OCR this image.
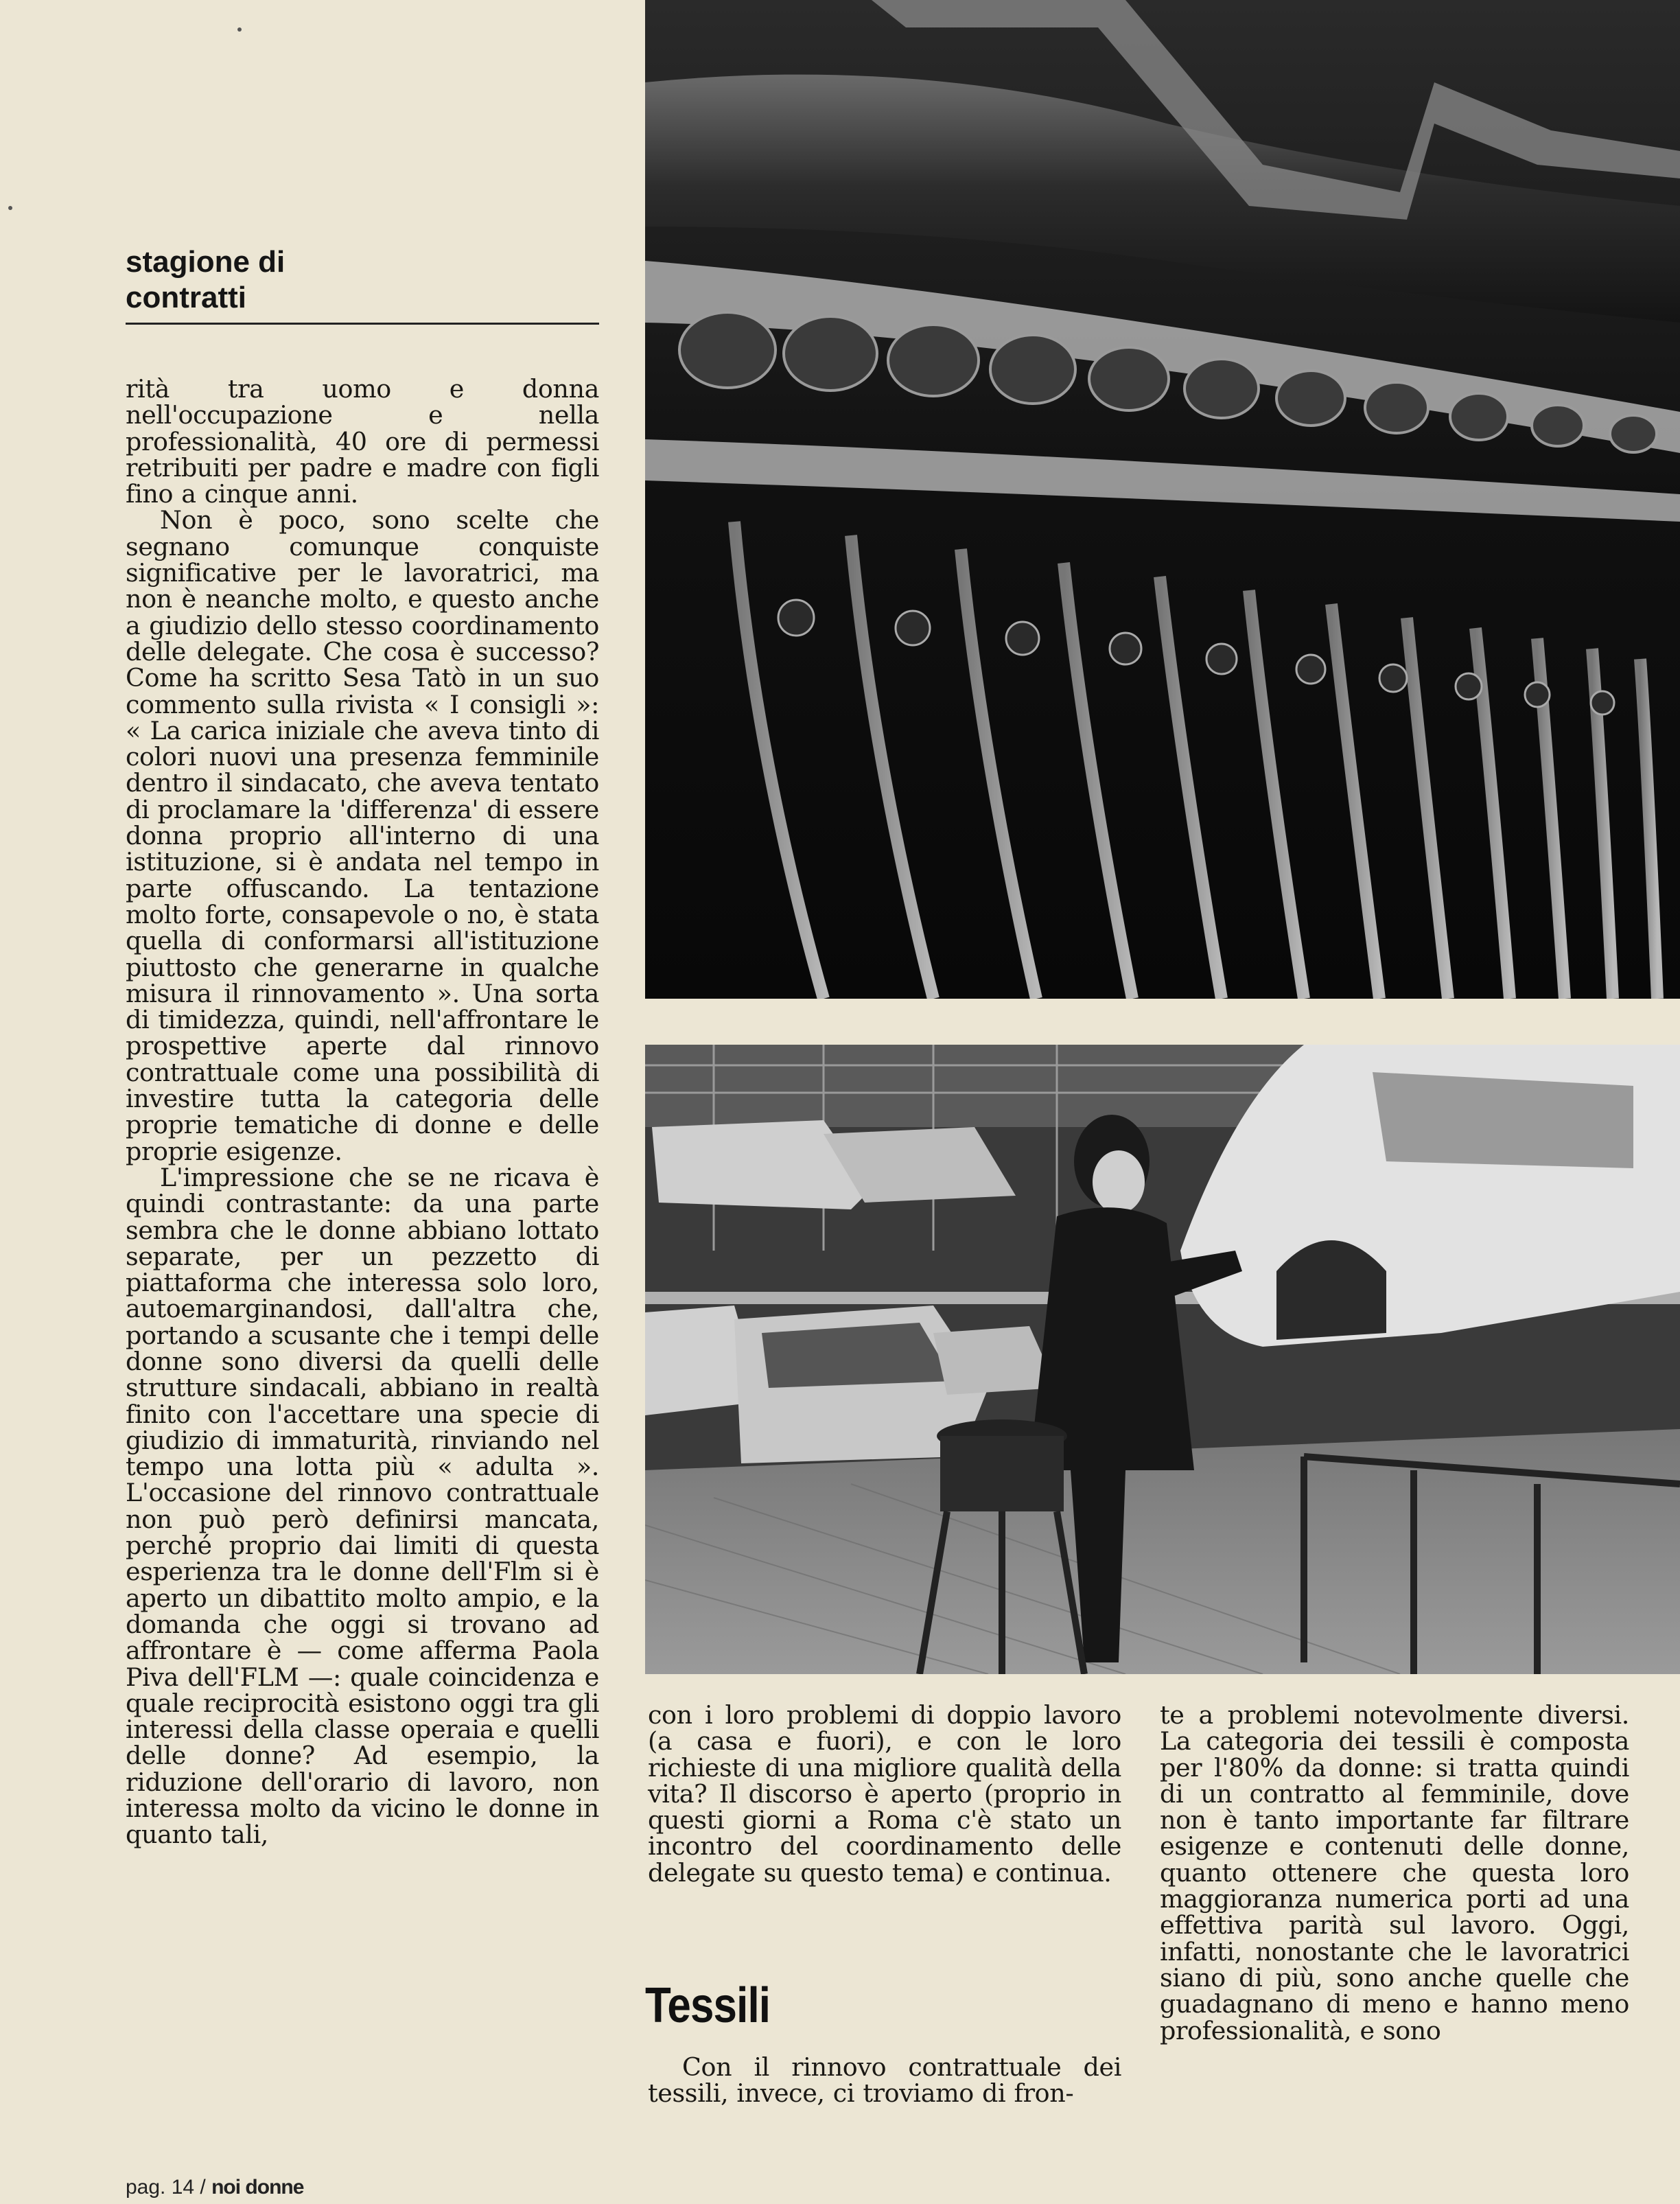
stagione di
contratti

rità tra uomo e donna nell'occupazione e nella professionalità, 40 ore di permessi retribuiti per padre e madre con figli fino a cinque anni.

Non è poco, sono scelte che segnano comunque conquiste significative per le lavoratrici, ma non è neanche molto, e questo anche a giudizio dello stesso coordinamento delle delegate. Che cosa è successo? Come ha scritto Sesa Tatò in un suo commento sulla rivista « I consigli »: « La carica iniziale che aveva tinto di colori nuovi una presenza femminile dentro il sindacato, che aveva tentato di proclamare la 'differenza' di essere donna proprio all'interno di una istituzione, si è andata nel tempo in parte offuscando. La tentazione molto forte, consapevole o no, è stata quella di conformarsi all'istituzione piuttosto che generarne in qualche misura il rinnovamento ». Una sorta di timidezza, quindi, nell'affrontare le prospettive aperte dal rinnovo contrattuale come una possibilità di investire tutta la categoria delle proprie tematiche di donne e delle proprie esigenze.

L'impressione che se ne ricava è quindi contrastante: da una parte sembra che le donne abbiano lottato separate, per un pezzetto di piattaforma che interessa solo loro, autoemarginandosi, dall'altra che, portando a scusante che i tempi delle donne sono diversi da quelli delle strutture sindacali, abbiano in realtà finito con l'accettare una specie di giudizio di immaturità, rinviando nel tempo una lotta più « adulta ». L'occasione del rinnovo contrattuale non può però definirsi mancata, perché proprio dai limiti di questa esperienza tra le donne dell'Flm si è aperto un dibattito molto ampio, e la domanda che oggi si trovano ad affrontare è — come afferma Paola Piva dell'FLM —: quale coincidenza e quale reciprocità esistono oggi tra gli interessi della classe operaia e quelli delle donne? Ad esempio, la riduzione dell'orario di lavoro, non interessa molto da vicino le donne in quanto tali,

con i loro problemi di doppio lavoro (a casa e fuori), e con le loro richieste di una migliore qualità della vita? Il discorso è aperto (proprio in questi giorni a Roma c'è stato un incontro del coordinamento delle delegate su questo tema) e continua.

Tessili

Con il rinnovo contrattuale dei tessili, invece, ci troviamo di fron-

te a problemi notevolmente diversi. La categoria dei tessili è composta per l'80% da donne: si tratta quindi di un contratto al femminile, dove non è tanto importante far filtrare esigenze e contenuti delle donne, quanto ottenere che questa loro maggioranza numerica porti ad una effettiva parità sul lavoro. Oggi, infatti, nonostante che le lavoratrici siano di più, sono anche quelle che guadagnano di meno e hanno meno professionalità, e sono

pag. 14 / noi donne
